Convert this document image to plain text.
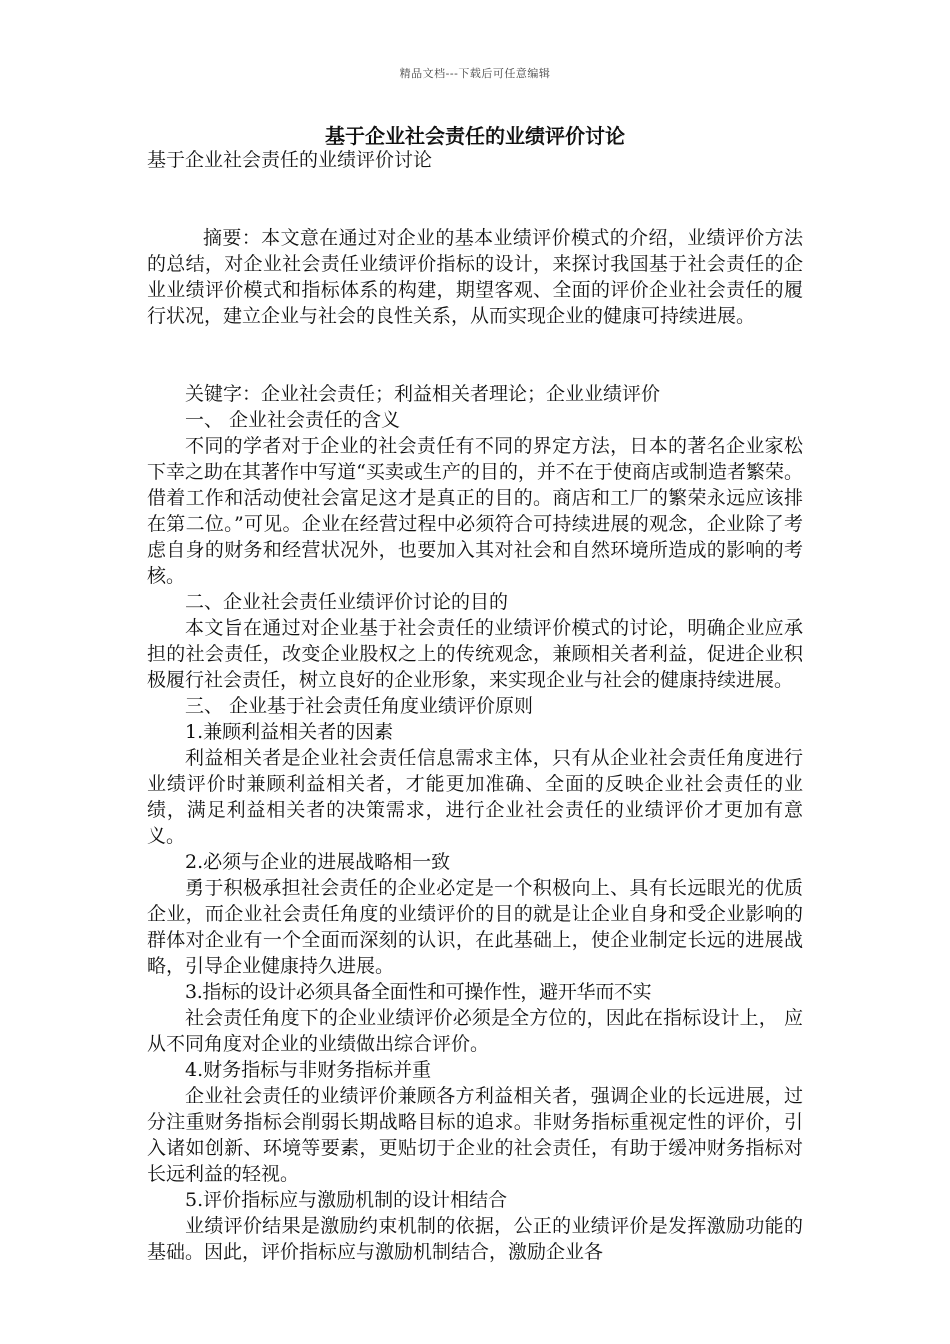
精品文档---下载后可任意编辑
基于企业社会责任的业绩评价讨论

基于企业社会责任的业绩评价讨论

摘要：本文意在通过对企业的基本业绩评价模式的介绍，业绩评价方法的总结，对企业社会责任业绩评价指标的设计，来探讨我国基于社会责任的企业业绩评价模式和指标体系的构建，期望客观、全面的评价企业社会责任的履行状况，建立企业与社会的良性关系，从而实现企业的健康可持续进展。

关键字：企业社会责任；利益相关者理论；企业业绩评价

一、 企业社会责任的含义

不同的学者对于企业的社会责任有不同的界定方法，日本的著名企业家松下幸之助在其著作中写道“买卖或生产的目的，并不在于使商店或制造者繁荣。借着工作和活动使社会富足这才是真正的目的。商店和工厂的繁荣永远应该排在第二位。”可见。企业在经营过程中必须符合可持续进展的观念，企业除了考虑自身的财务和经营状况外，也要加入其对社会和自然环境所造成的影响的考核。

二、企业社会责任业绩评价讨论的目的

本文旨在通过对企业基于社会责任的业绩评价模式的讨论，明确企业应承担的社会责任，改变企业股权之上的传统观念，兼顾相关者利益，促进企业积极履行社会责任，树立良好的企业形象，来实现企业与社会的健康持续进展。

三、 企业基于社会责任角度业绩评价原则

1.兼顾利益相关者的因素

利益相关者是企业社会责任信息需求主体，只有从企业社会责任角度进行业绩评价时兼顾利益相关者，才能更加准确、全面的反映企业社会责任的业绩，满足利益相关者的决策需求，进行企业社会责任的业绩评价才更加有意义。

2.必须与企业的进展战略相一致

勇于积极承担社会责任的企业必定是一个积极向上、具有长远眼光的优质企业，而企业社会责任角度的业绩评价的目的就是让企业自身和受企业影响的群体对企业有一个全面而深刻的认识，在此基础上，使企业制定长远的进展战略，引导企业健康持久进展。

3.指标的设计必须具备全面性和可操作性，避开华而不实

社会责任角度下的企业业绩评价必须是全方位的，因此在指标设计上， 应从不同角度对企业的业绩做出综合评价。

4.财务指标与非财务指标并重

企业社会责任的业绩评价兼顾各方利益相关者，强调企业的长远进展，过分注重财务指标会削弱长期战略目标的追求。非财务指标重视定性的评价，引入诸如创新、环境等要素，更贴切于企业的社会责任，有助于缓冲财务指标对长远利益的轻视。

5.评价指标应与激励机制的设计相结合

业绩评价结果是激励约束机制的依据，公正的业绩评价是发挥激励功能的基础。因此，评价指标应与激励机制结合，激励企业各
